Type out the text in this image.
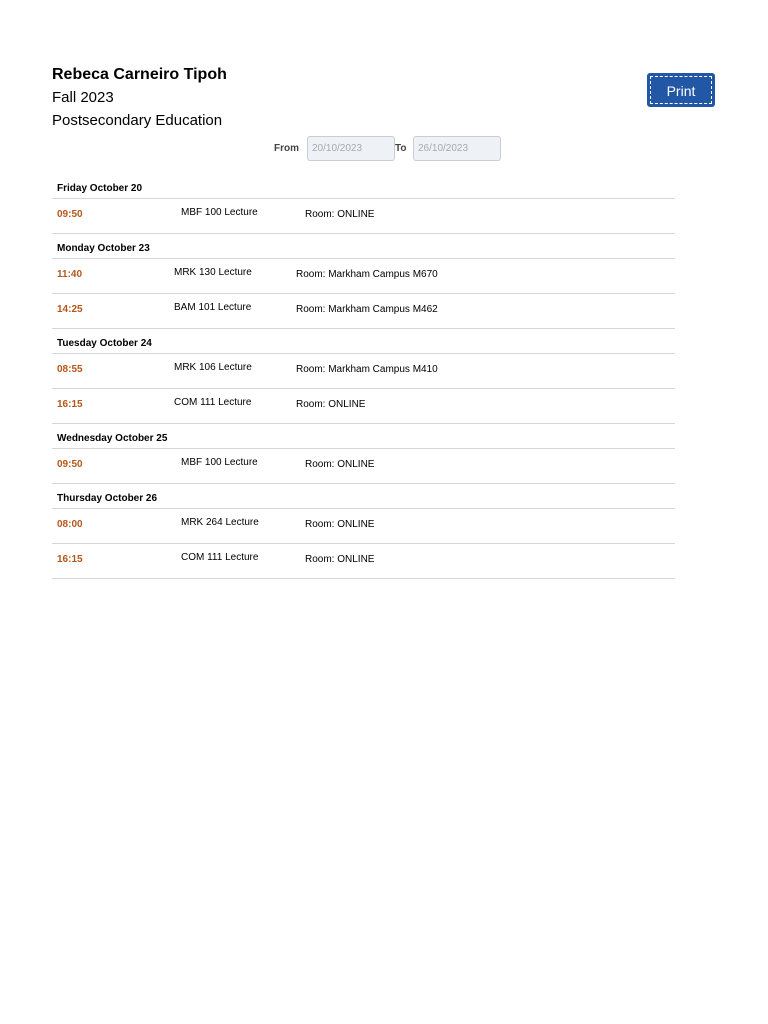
Rebeca Carneiro Tipoh
Fall 2023
Postsecondary Education
Print
From	20/10/2023	To	26/10/2023
Friday October 20
09:50	MBF 100 Lecture	Room: ONLINE
Monday October 23
11:40	MRK 130 Lecture	Room: Markham Campus M670
14:25	BAM 101 Lecture	Room: Markham Campus M462
Tuesday October 24
08:55	MRK 106 Lecture	Room: Markham Campus M410
16:15	COM 111 Lecture	Room: ONLINE
Wednesday October 25
09:50	MBF 100 Lecture	Room: ONLINE
Thursday October 26
08:00	MRK 264 Lecture	Room: ONLINE
16:15	COM 111 Lecture	Room: ONLINE
